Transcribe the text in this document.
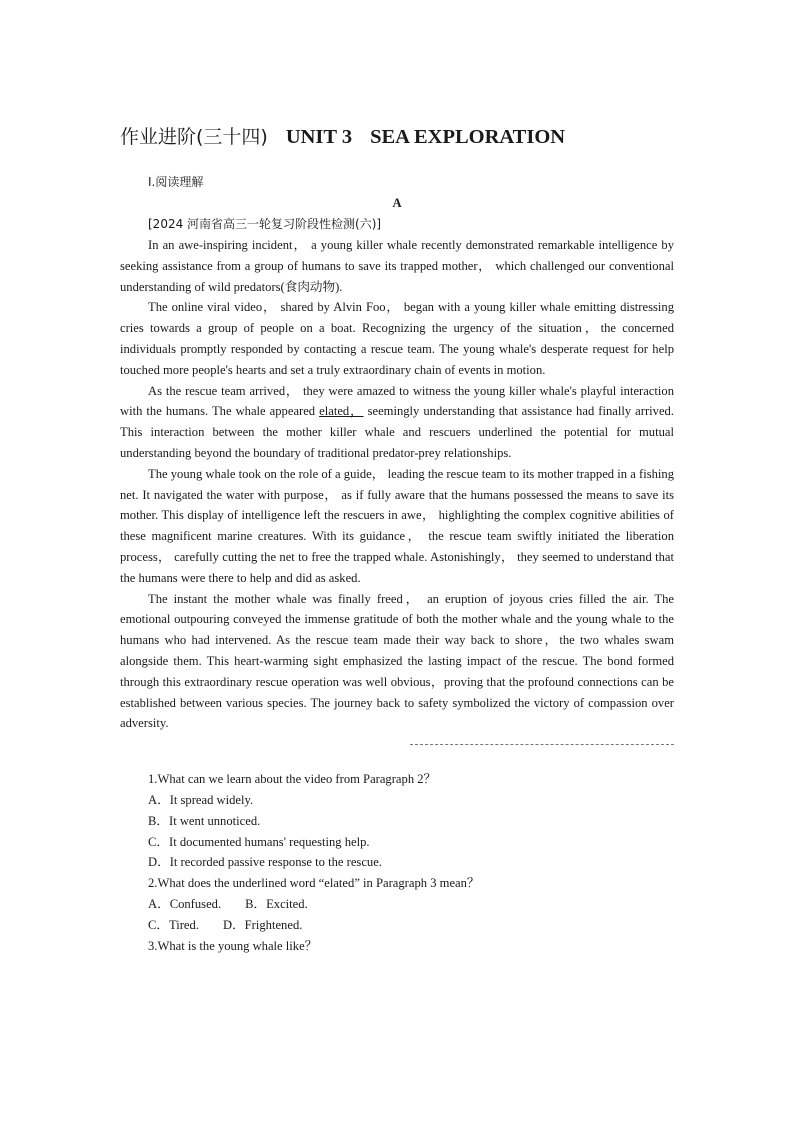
作业进阶(三十四) UNIT 3 SEA EXPLORATION
Ⅰ.阅读理解
A
[2024 河南省高三一轮复习阶段性检测(六)]

In an awe-inspiring incident， a young killer whale recently demonstrated remarkable intelligence by seeking assistance from a group of humans to save its trapped mother， which challenged our conventional understanding of wild predators(食肉动物).

The online viral video， shared by Alvin Foo， began with a young killer whale emitting distressing cries towards a group of people on a boat. Recognizing the urgency of the situation，the concerned individuals promptly responded by contacting a rescue team. The young whale's desperate request for help touched more people's hearts and set a truly extraordinary chain of events in motion.

As the rescue team arrived， they were amazed to witness the young killer whale's playful interaction with the humans. The whale appeared elated， seemingly understanding that assistance had finally arrived. This interaction between the mother killer whale and rescuers underlined the potential for mutual understanding beyond the boundary of traditional predator-prey relationships.

The young whale took on the role of a guide， leading the rescue team to its mother trapped in a fishing net. It navigated the water with purpose， as if fully aware that the humans possessed the means to save its mother. This display of intelligence left the rescuers in awe， highlighting the complex cognitive abilities of these magnificent marine creatures. With its guidance， the rescue team swiftly initiated the liberation process， carefully cutting the net to free the trapped whale. Astonishingly， they seemed to understand that the humans were there to help and did as asked.

The instant the mother whale was finally freed， an eruption of joyous cries filled the air. The emotional outpouring conveyed the immense gratitude of both the mother whale and the young whale to the humans who had intervened. As the rescue team made their way back to shore，the two whales swam alongside them. This heart-warming sight emphasized the lasting impact of the rescue. The bond formed through this extraordinary rescue operation was well obvious，proving that the profound connections can be established between various species. The journey back to safety symbolized the victory of compassion over adversity.

1.What can we learn about the video from Paragraph 2？
A．It spread widely.
B．It went unnoticed.
C．It documented humans' requesting help.
D．It recorded passive response to the rescue.
2.What does the underlined word “elated” in Paragraph 3 mean？
A．Confused. B．Excited.
C．Tired. D．Frightened.
3.What is the young whale like？
